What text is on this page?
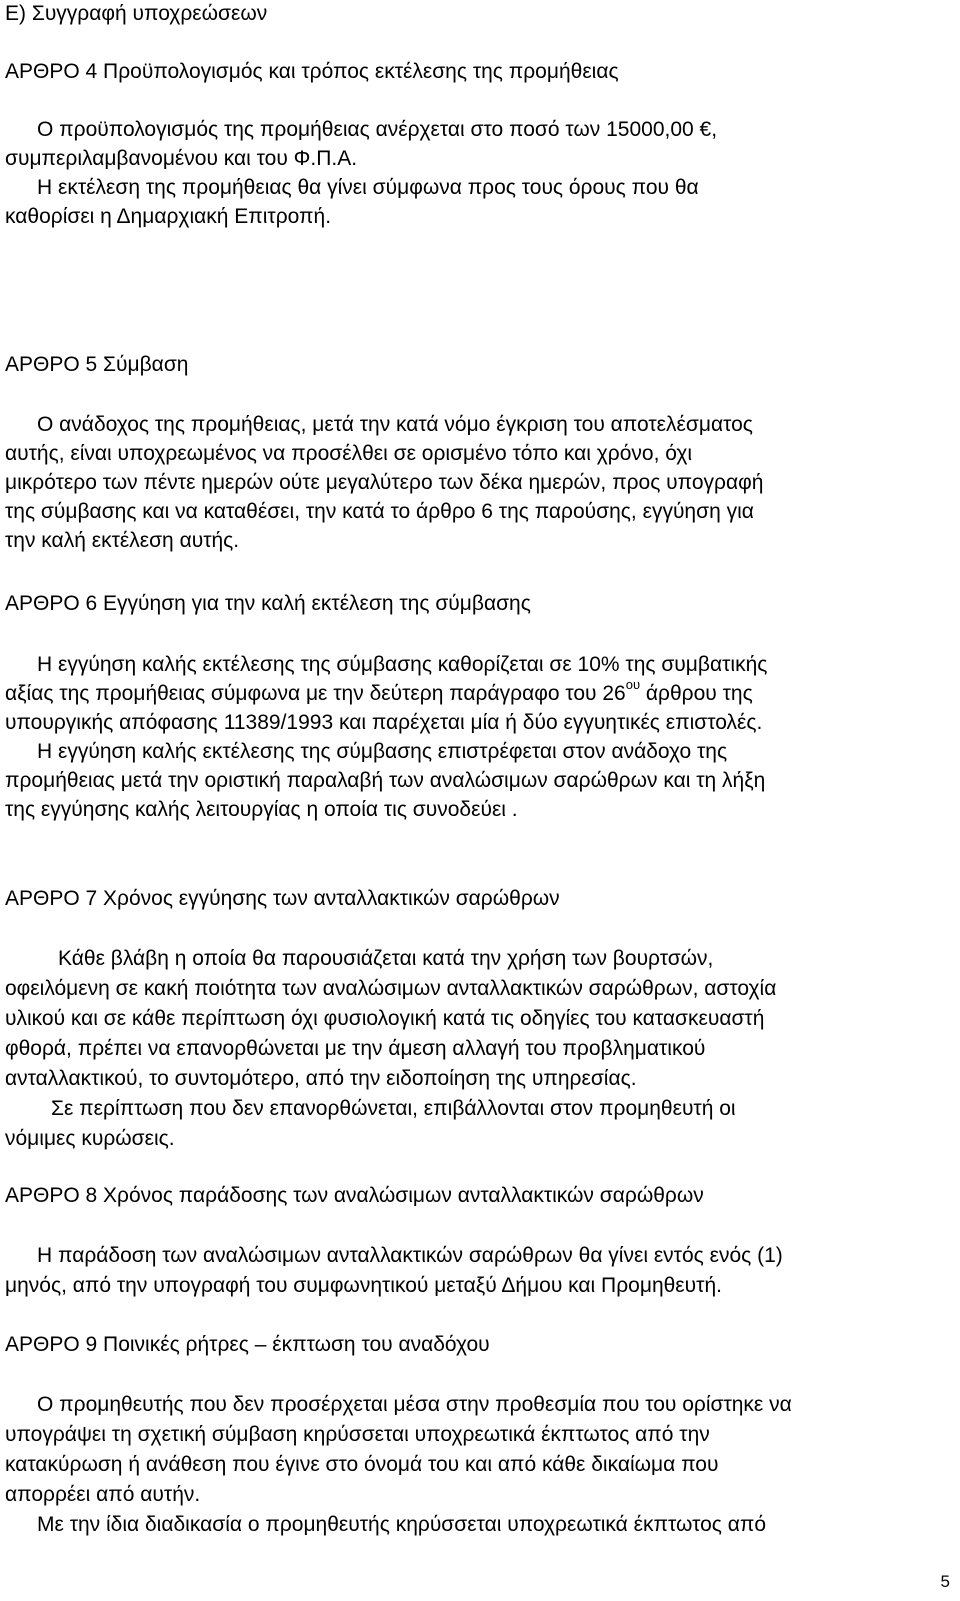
Ε) Συγγραφή υποχρεώσεων

ΑΡΘΡΟ 4 Προϋπολογισμός και τρόπος εκτέλεσης της προμήθειας

Ο προϋπολογισμός της προμήθειας ανέρχεται στο ποσό των 15000,00 €,

συμπεριλαμβανομένου και του Φ.Π.Α.

Η εκτέλεση της προμήθειας θα γίνει σύμφωνα προς τους όρους που θα

καθορίσει η Δημαρχιακή Επιτροπή.

ΑΡΘΡΟ 5 Σύμβαση

Ο ανάδοχος της προμήθειας, μετά την κατά νόμο έγκριση του αποτελέσματος

αυτής, είναι υποχρεωμένος να προσέλθει σε ορισμένο τόπο και χρόνο, όχι

μικρότερο των πέντε ημερών ούτε μεγαλύτερο των δέκα ημερών, προς υπογραφή

της σύμβασης και να καταθέσει, την κατά το άρθρο 6 της παρούσης, εγγύηση για

την καλή εκτέλεση αυτής.

ΑΡΘΡΟ 6 Εγγύηση για την καλή εκτέλεση της σύμβασης

Η εγγύηση καλής εκτέλεσης της σύμβασης καθορίζεται σε 10% της συμβατικής

αξίας της προμήθειας σύμφωνα με την δεύτερη παράγραφο του $26^{o\upsilon}$ άρθρου της

υπουργικής απόφασης 11389/1993 και παρέχεται μία ή δύο εγγυητικές επιστολές.

Η εγγύηση καλής εκτέλεσης της σύμβασης επιστρέφεται στον ανάδοχο της

προμήθειας μετά την οριστική παραλαβή των αναλώσιμων σαρώθρων και τη λήξη

της εγγύησης καλής λειτουργίας η οποία τις συνοδεύει .

ΑΡΘΡΟ 7 Χρόνος εγγύησης των ανταλλακτικών σαρώθρων

Κάθε βλάβη η οποία θα παρουσιάζεται κατά την χρήση των βουρτσών,

οφειλόμενη σε κακή ποιότητα των αναλώσιμων ανταλλακτικών σαρώθρων, αστοχία

υλικού και σε κάθε περίπτωση όχι φυσιολογική κατά τις οδηγίες του κατασκευαστή

φθορά, πρέπει να επανορθώνεται με την άμεση αλλαγή του προβληματικού

ανταλλακτικού, το συντομότερο, από την ειδοποίηση της υπηρεσίας.

Σε περίπτωση που δεν επανορθώνεται, επιβάλλονται στον προμηθευτή οι

νόμιμες κυρώσεις.

ΑΡΘΡΟ 8 Χρόνος παράδοσης των αναλώσιμων ανταλλακτικών σαρώθρων

Η παράδοση των αναλώσιμων ανταλλακτικών σαρώθρων θα γίνει εντός ενός (1)

μηνός, από την υπογραφή του συμφωνητικού μεταξύ Δήμου και Προμηθευτή.

ΑΡΘΡΟ 9 Ποινικές ρήτρες – έκπτωση του αναδόχου

Ο προμηθευτής που δεν προσέρχεται μέσα στην προθεσμία που του ορίστηκε να

υπογράψει τη σχετική σύμβαση κηρύσσεται υποχρεωτικά έκπτωτος από την

κατακύρωση ή ανάθεση που έγινε στο όνομά του και από κάθε δικαίωμα που

απορρέει από αυτήν.

Με την ίδια διαδικασία ο προμηθευτής κηρύσσεται υποχρεωτικά έκπτωτος από

5
